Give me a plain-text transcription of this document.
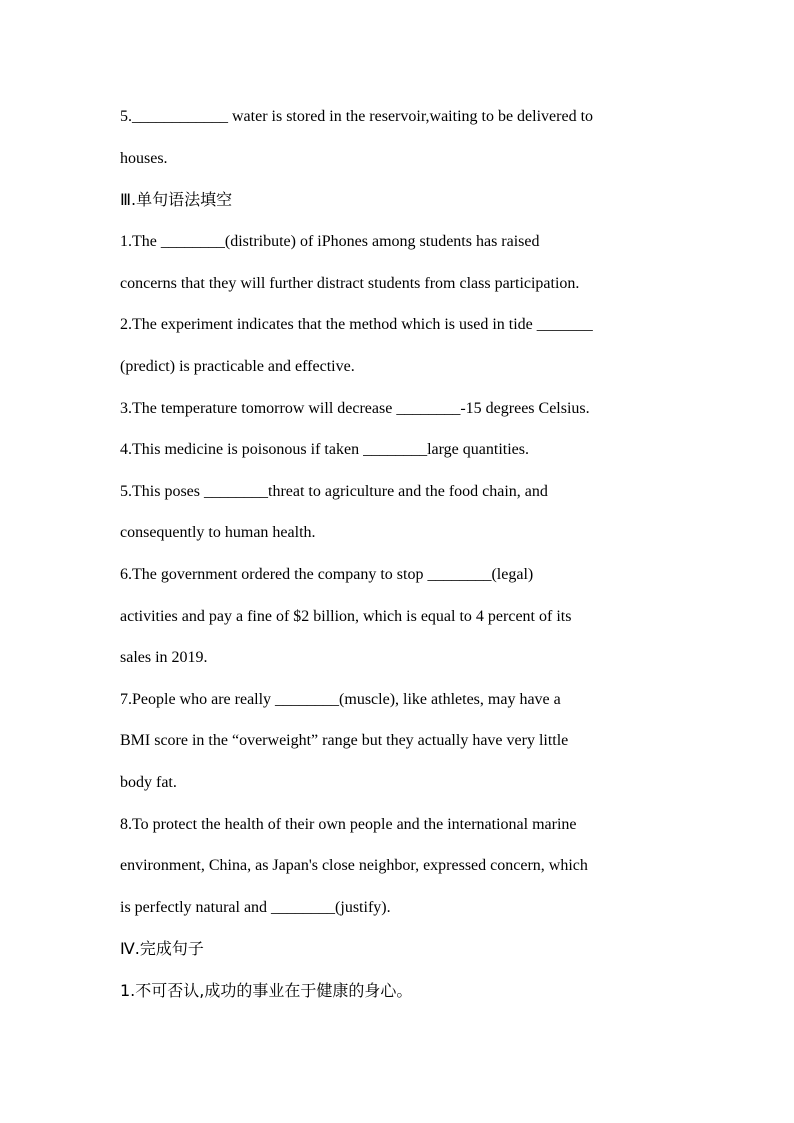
5.____________ water is stored in the reservoir,waiting to be delivered to
houses.
Ⅲ.单句语法填空
1.The ________(distribute) of iPhones among students has raised
concerns that they will further distract students from class participation.
2.The experiment indicates that the method which is used in tide _______
(predict) is practicable and effective.
3.The temperature tomorrow will decrease ________-15 degrees Celsius.
4.This medicine is poisonous if taken ________large quantities.
5.This poses ________threat to agriculture and the food chain, and
consequently to human health.
6.The government ordered the company to stop ________(legal)
activities and pay a fine of $2 billion, which is equal to 4 percent of its
sales in 2019.
7.People who are really ________(muscle), like athletes, may have a
BMI score in the “overweight” range but they actually have very little
body fat.
8.To protect the health of their own people and the international marine
environment, China, as Japan's close neighbor, expressed concern, which
is perfectly natural and ________(justify).
Ⅳ.完成句子
1.不可否认,成功的事业在于健康的身心。
